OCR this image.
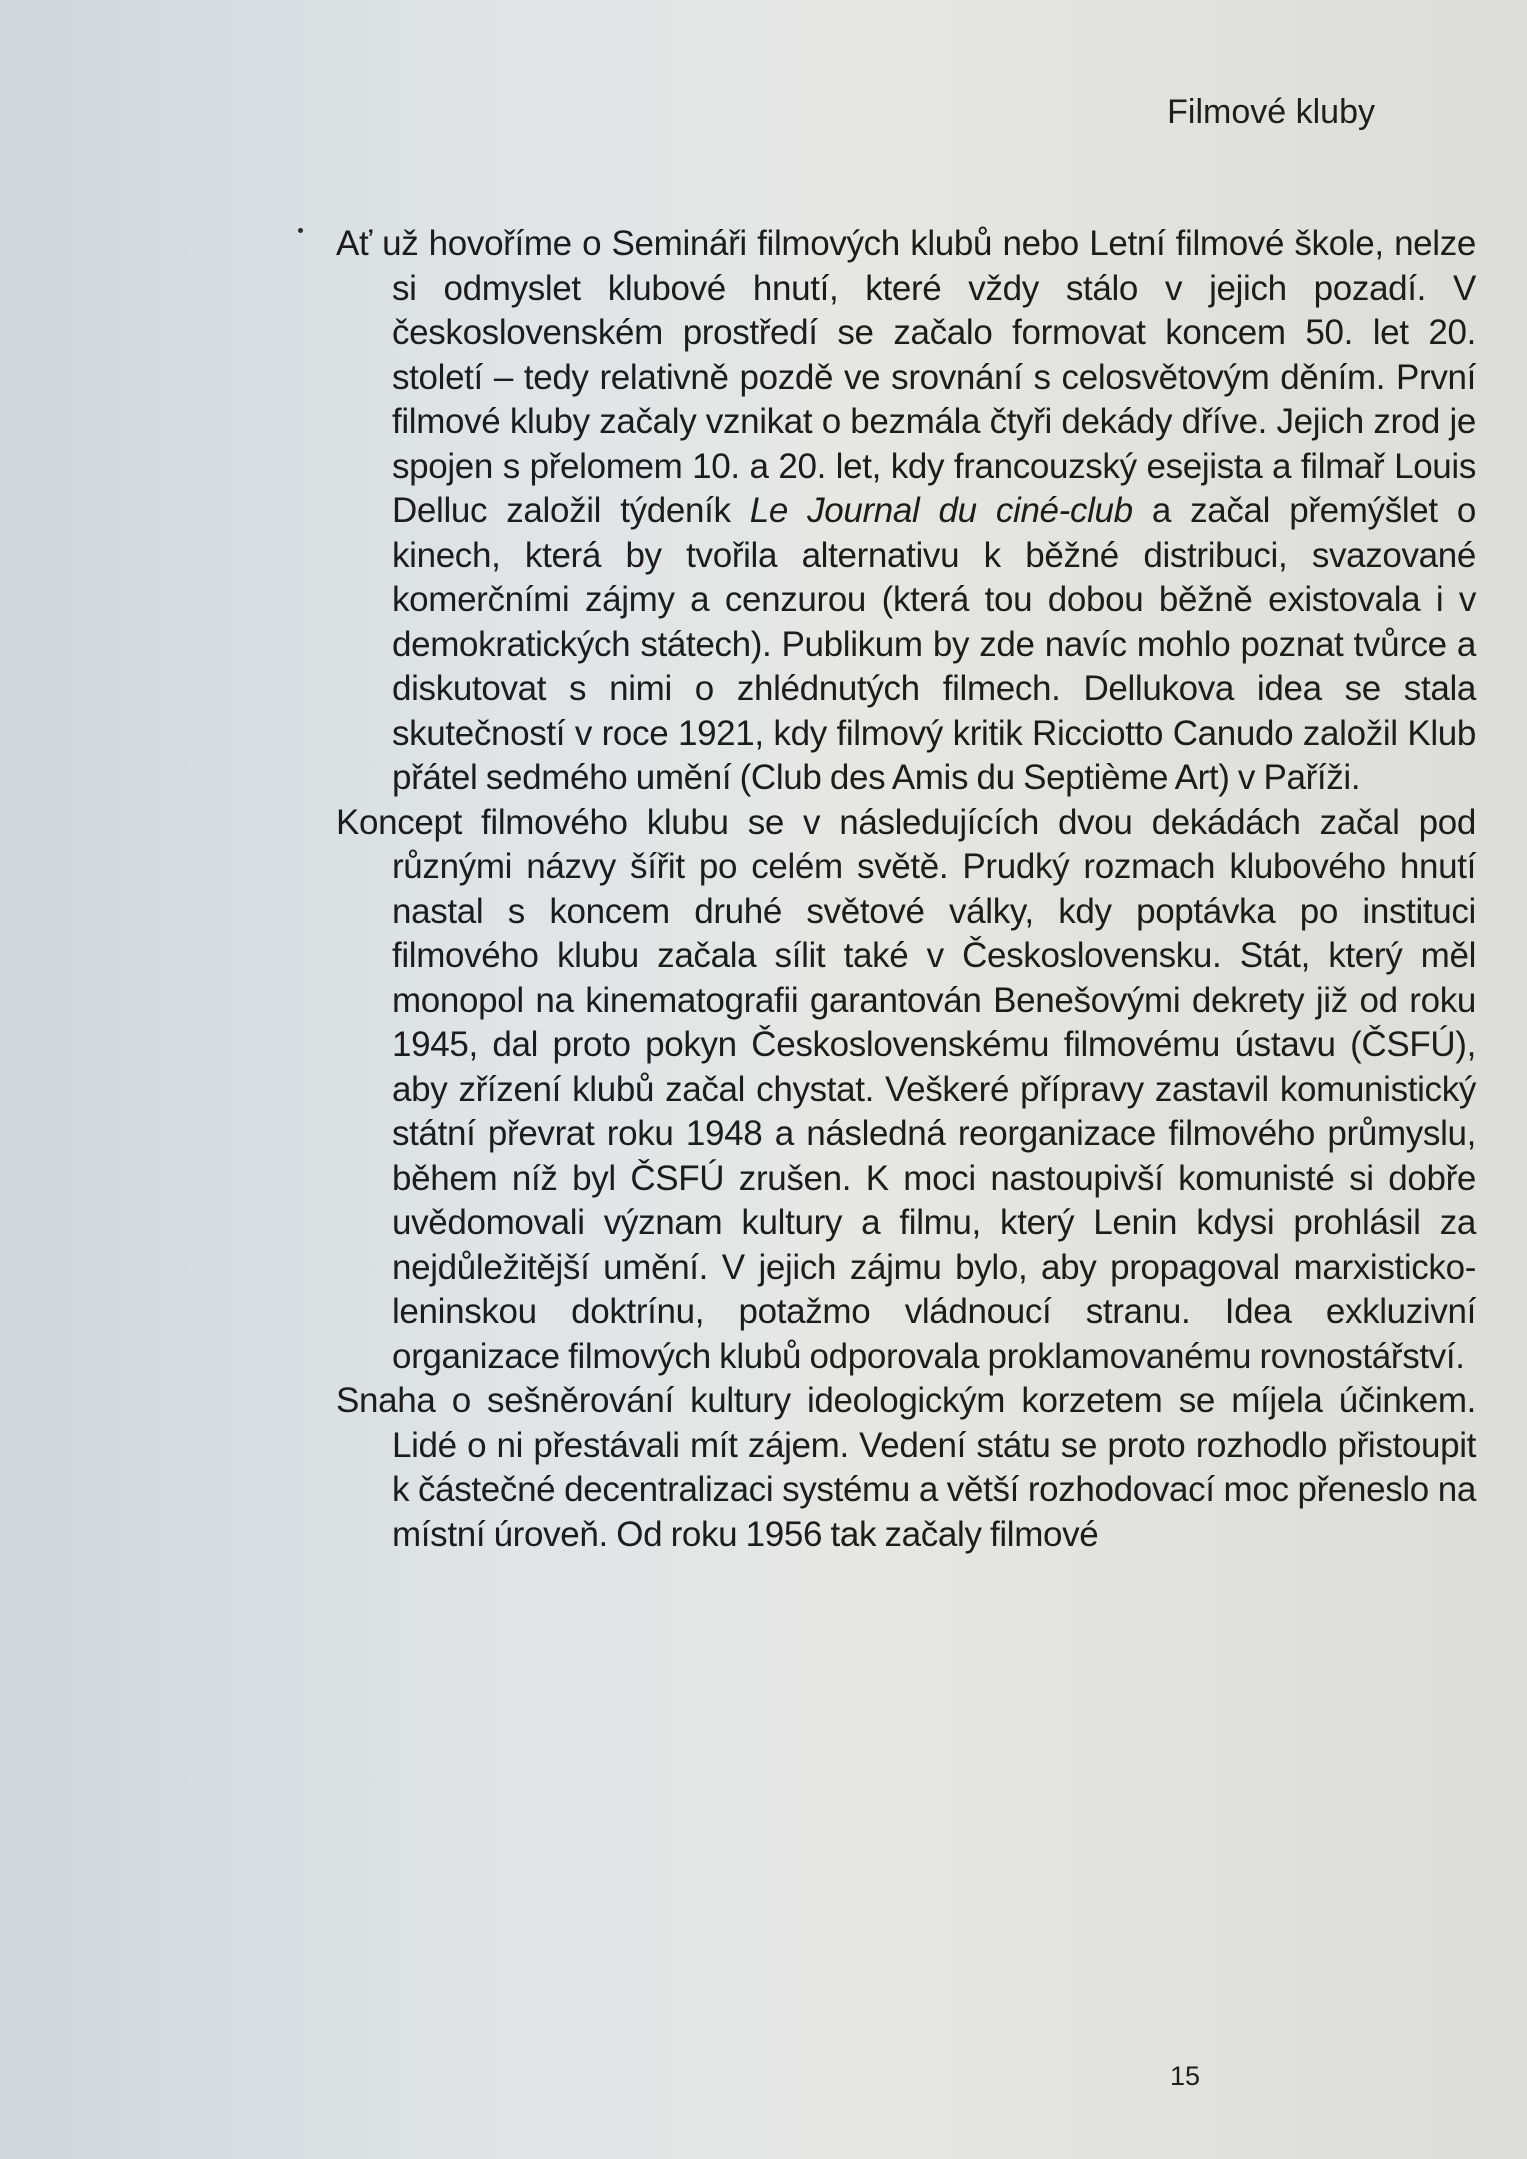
Filmové kluby

Ať už hovoříme o Semináři filmových klubů nebo Letní filmové škole, nelze si odmyslet klubové hnutí, které vždy stálo v jejich pozadí. V československém prostředí se začalo formovat koncem 50. let 20. století – tedy relativně pozdě ve srovnání s celosvětovým děním. První filmové kluby začaly vznikat o bezmála čtyři dekády dříve. Jejich zrod je spojen s přelomem 10. a 20. let, kdy francouzský esejista a filmař Louis Delluc založil týdeník Le Journal du ciné-club a začal přemýšlet o kinech, která by tvořila alternativu k běžné distribuci, svazované komerčními zájmy a cenzurou (která tou dobou běžně existovala i v demokratických státech). Publikum by zde navíc mohlo poznat tvůrce a diskutovat s nimi o zhlédnutých filmech. Dellukova idea se stala skutečností v roce 1921, kdy filmový kritik Ricciotto Canudo založil Klub přátel sedmého umění (Club des Amis du Septième Art) v Paříži.

Koncept filmového klubu se v následujících dvou dekádách začal pod různými názvy šířit po celém světě. Prudký rozmach klubového hnutí nastal s koncem druhé světové války, kdy poptávka po instituci filmového klubu začala sílit také v Československu. Stát, který měl monopol na kinematografii garantován Benešovými dekrety již od roku 1945, dal proto pokyn Československému filmovému ústavu (ČSFÚ), aby zřízení klubů začal chystat. Veškeré přípravy zastavil komunistický státní převrat roku 1948 a následná reorganizace filmového průmyslu, během níž byl ČSFÚ zrušen. K moci nastoupivší komunisté si dobře uvědomovali význam kultury a filmu, který Lenin kdysi prohlásil za nejdůležitější umění. V jejich zájmu bylo, aby propagoval marxisticko-leninskou doktrínu, potažmo vládnoucí stranu. Idea exkluzivní organizace filmových klubů odporovala proklamovanému rovnostářství.

Snaha o sešněrování kultury ideologickým korzetem se míjela účinkem. Lidé o ni přestávali mít zájem. Vedení státu se proto rozhodlo přistoupit k částečné decentralizaci systému a větší rozhodovací moc přeneslo na místní úroveň. Od roku 1956 tak začaly filmové

15
